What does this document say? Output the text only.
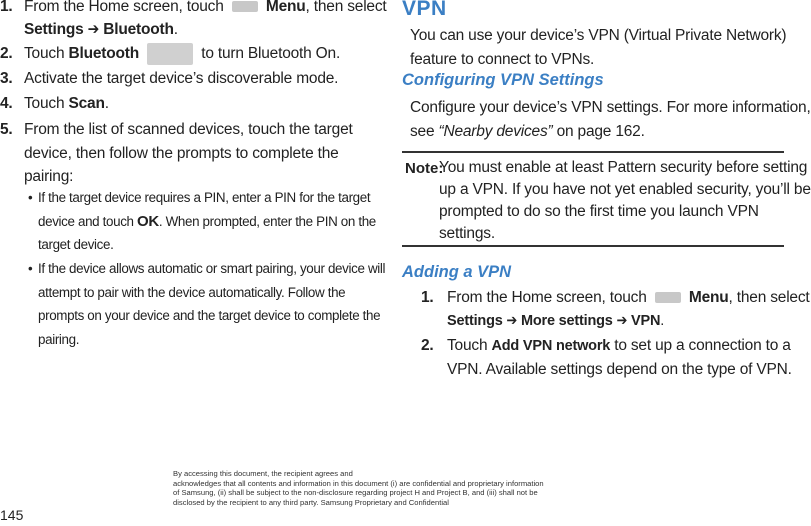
1. From the Home screen, touch	Menu, then select
Settings ➔ Bluetooth.
2. Touch Bluetooth	to turn Bluetooth On.
3. Activate the target device’s discoverable mode.
4. Touch Scan.
5. From the list of scanned devices, touch the target
device, then follow the prompts to complete the
pairing:
• If the target device requires a PIN, enter a PIN for the target
device and touch OK. When prompted, enter the PIN on the
target device.
• If the device allows automatic or smart pairing, your device will
attempt to pair with the device automatically. Follow the
prompts on your device and the target device to complete the
pairing.
VPN
You can use your device’s VPN (Virtual Private Network)
feature to connect to VPNs.
Configuring VPN Settings
Configure your device’s VPN settings. For more information,
see “Nearby devices” on page 162.
Note:
You must enable at least Pattern security before setting
up a VPN. If you have not yet enabled security, you’ll be
prompted to do so the first time you launch VPN
settings.
Adding a VPN
1. From the Home screen, touch	Menu, then select
Settings ➔ More settings ➔ VPN.
2. Touch Add VPN network to set up a connection to a
VPN. Available settings depend on the type of VPN.
By accessing this document, the recipient agrees and
acknowledges that all contents and information in this document (i) are confidential and proprietary information
of Samsung, (ii) shall be subject to the non-disclosure regarding project H and Project B, and (iii) shall not be
disclosed by the recipient to any third party. Samsung Proprietary and Confidential
145
